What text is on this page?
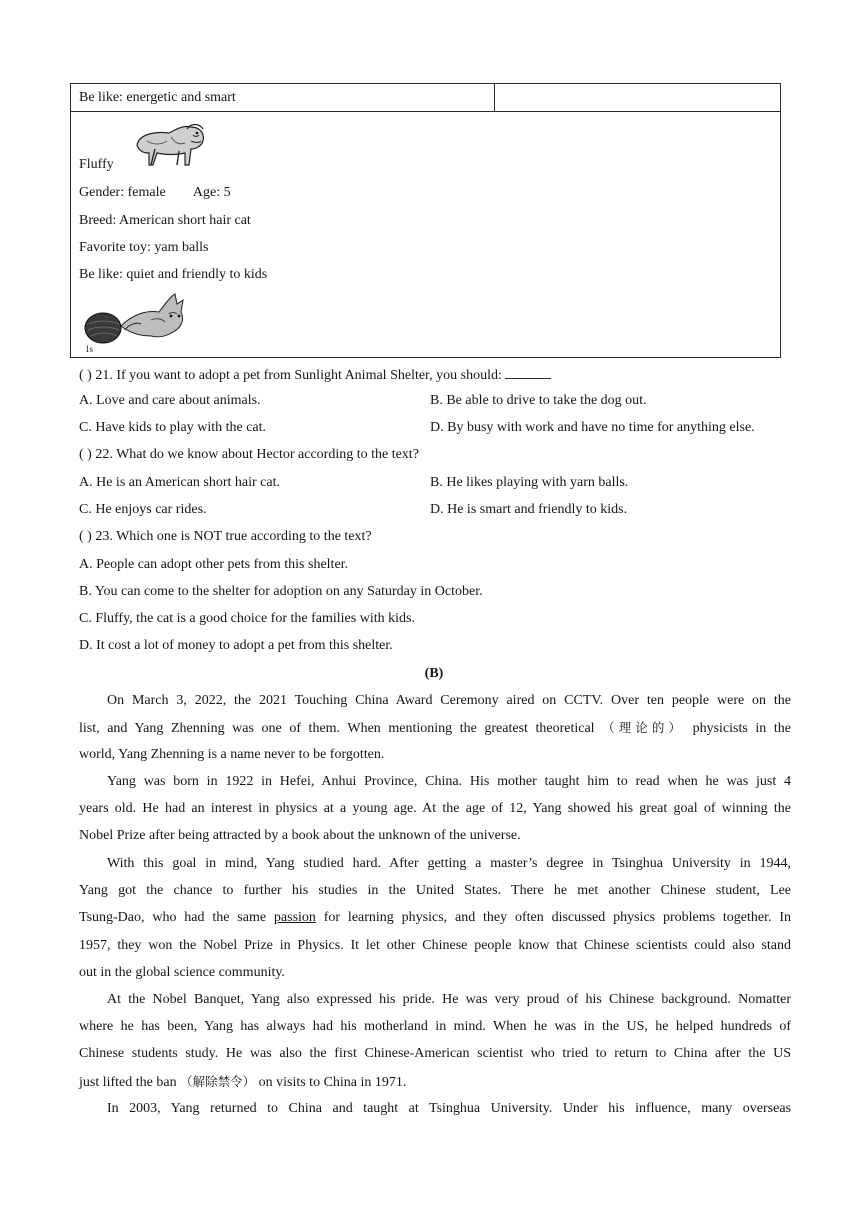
Be like: energetic and smart
Fluffy
Gender: female        Age: 5
Breed: American short hair cat
Favorite toy: yam balls
Be like: quiet and friendly to kids
1s
( ) 21. If you want to adopt a pet from Sunlight Animal Shelter, you should:
A. Love and care about animals.	B. Be able to drive to take the dog out.
C. Have kids to play with the cat.	D. By busy with work and have no time for anything else.
( ) 22. What do we know about Hector according to the text?
A. He is an American short hair cat.	B. He likes playing with yarn balls.
C. He enjoys car rides.	D. He is smart and friendly to kids.
( ) 23. Which one is NOT true according to the text?
A. People can adopt other pets from this shelter.
B. You can come to the shelter for adoption on any Saturday in October.
C. Fluffy, the cat is a good choice for the families with kids.
D. It cost a lot of money to adopt a pet from this shelter.
(B)
On March 3, 2022, the 2021 Touching China Award Ceremony aired on CCTV. Over ten people were on the
list, and Yang Zhenning was one of them. When mentioning the greatest theoretical （理论的） physicists in the
world, Yang Zhenning is a name never to be forgotten.
Yang was born in 1922 in Hefei, Anhui Province, China. His mother taught him to read when he was just 4
years old. He had an interest in physics at a young age. At the age of 12, Yang showed his great goal of winning the
Nobel Prize after being attracted by a book about the unknown of the universe.
With this goal in mind, Yang studied hard. After getting a master’s degree in Tsinghua University in 1944,
Yang got the chance to further his studies in the United States. There he met another Chinese student, Lee
Tsung-Dao, who had the same passion for learning physics, and they often discussed physics problems together. In
1957, they won the Nobel Prize in Physics. It let other Chinese people know that Chinese scientists could also stand
out in the global science community.
At the Nobel Banquet, Yang also expressed his pride. He was very proud of his Chinese background. Nomatter
where he has been, Yang has always had his motherland in mind. When he was in the US, he helped hundreds of
Chinese students study. He was also the first Chinese-American scientist who tried to return to China after the US
just lifted the ban （解除禁令） on visits to China in 1971.
In 2003, Yang returned to China and taught at Tsinghua University. Under his influence, many overseas
